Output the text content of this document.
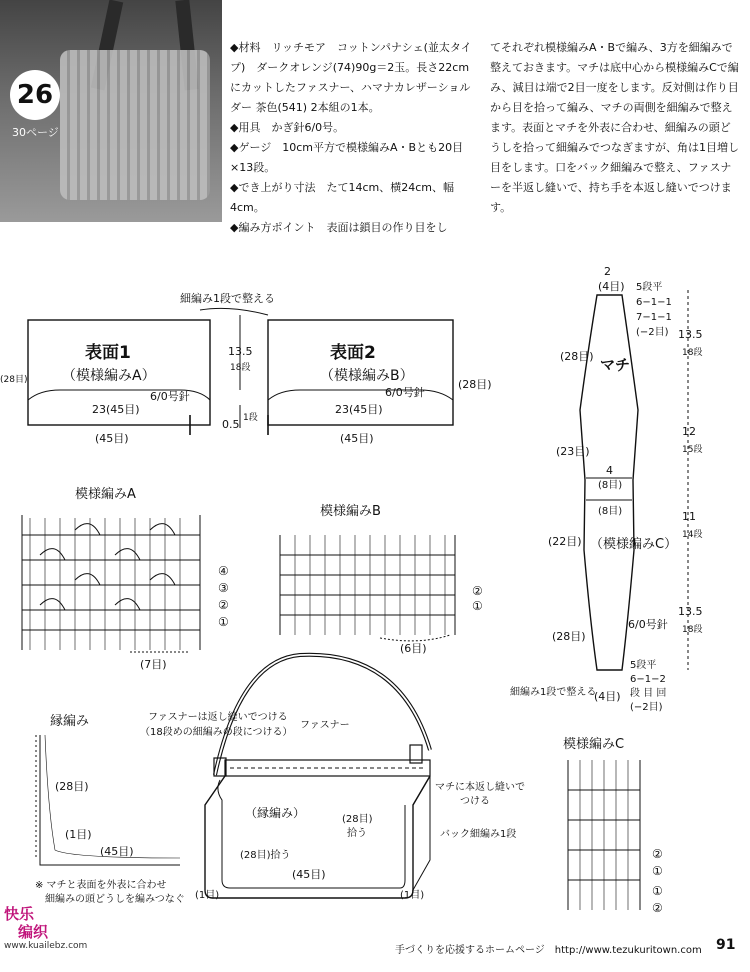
26
30ページ
◆材料　リッチモア　コットンパナシェ(並太タイプ)　ダークオレンジ(74)90g＝2玉。長さ22cmにカットしたファスナー、ハマナカレザーショルダー 茶色(541) 2本組の1本。
◆用具　かぎ針6/0号。
◆ゲージ　10cm平方で模様編みA・Bとも20目×13段。
◆でき上がり寸法　たて14cm、横24cm、幅4cm。
◆編み方ポイント　表面は鎖目の作り目をし
てそれぞれ模様編みA・Bで編み、3方を細編みで整えておきます。マチは底中心から模様編みCで編み、減目は端で2目一度をします。反対側は作り目から目を拾って編み、マチの両側を細編みで整えます。表面とマチを外表に合わせ、細編みの頭どうしを拾って細編みでつなぎますが、角は1目増し目をします。口をバック細編みで整え、ファスナーを半返し縫いで、持ち手を本返し縫いでつけます。
細編み1段で整える
表面1
（模様編みA）
6/0号針
23(45目)
(45目)
(28目)
表面2
（模様編みB）
6/0号針
23(45目)
(45目)
(28目)
13.5
18段
0.5 1段
2
(4目)
マチ
5段平
6−1−1
7−1−1
(−2目)
(28目)
(23目)
(22目)
(28目)
4
(8目)
(8目)
（模様編みC）
6/0号針
13.5
18段
12
15段
11
14段
13.5
18段
5段平
6−1−2
段 目 回
(−2目)
(4目)
細編み1段で整える
模様編みA
(7目)
④
③
②
①
模様編みB
(6目)
②
①
模様編みC
②
①
①
②
縁編み
(28目)
(1目)
(45目)
※ マチと表面を外表に合わせ
細編みの頭どうしを編みつなぐ
ファスナーは返し縫いでつける
（18段めの細編みの段につける）
ファスナー
マチに本返し縫いで
つける
（縁編み）	(28目)
拾う	バック細編み1段
(28目)拾う
(45目)
(1目)	(1目)
快乐
编织
www.kuailebz.com	手づくりを応援するホームページ　http://www.tezukuritown.com 91
